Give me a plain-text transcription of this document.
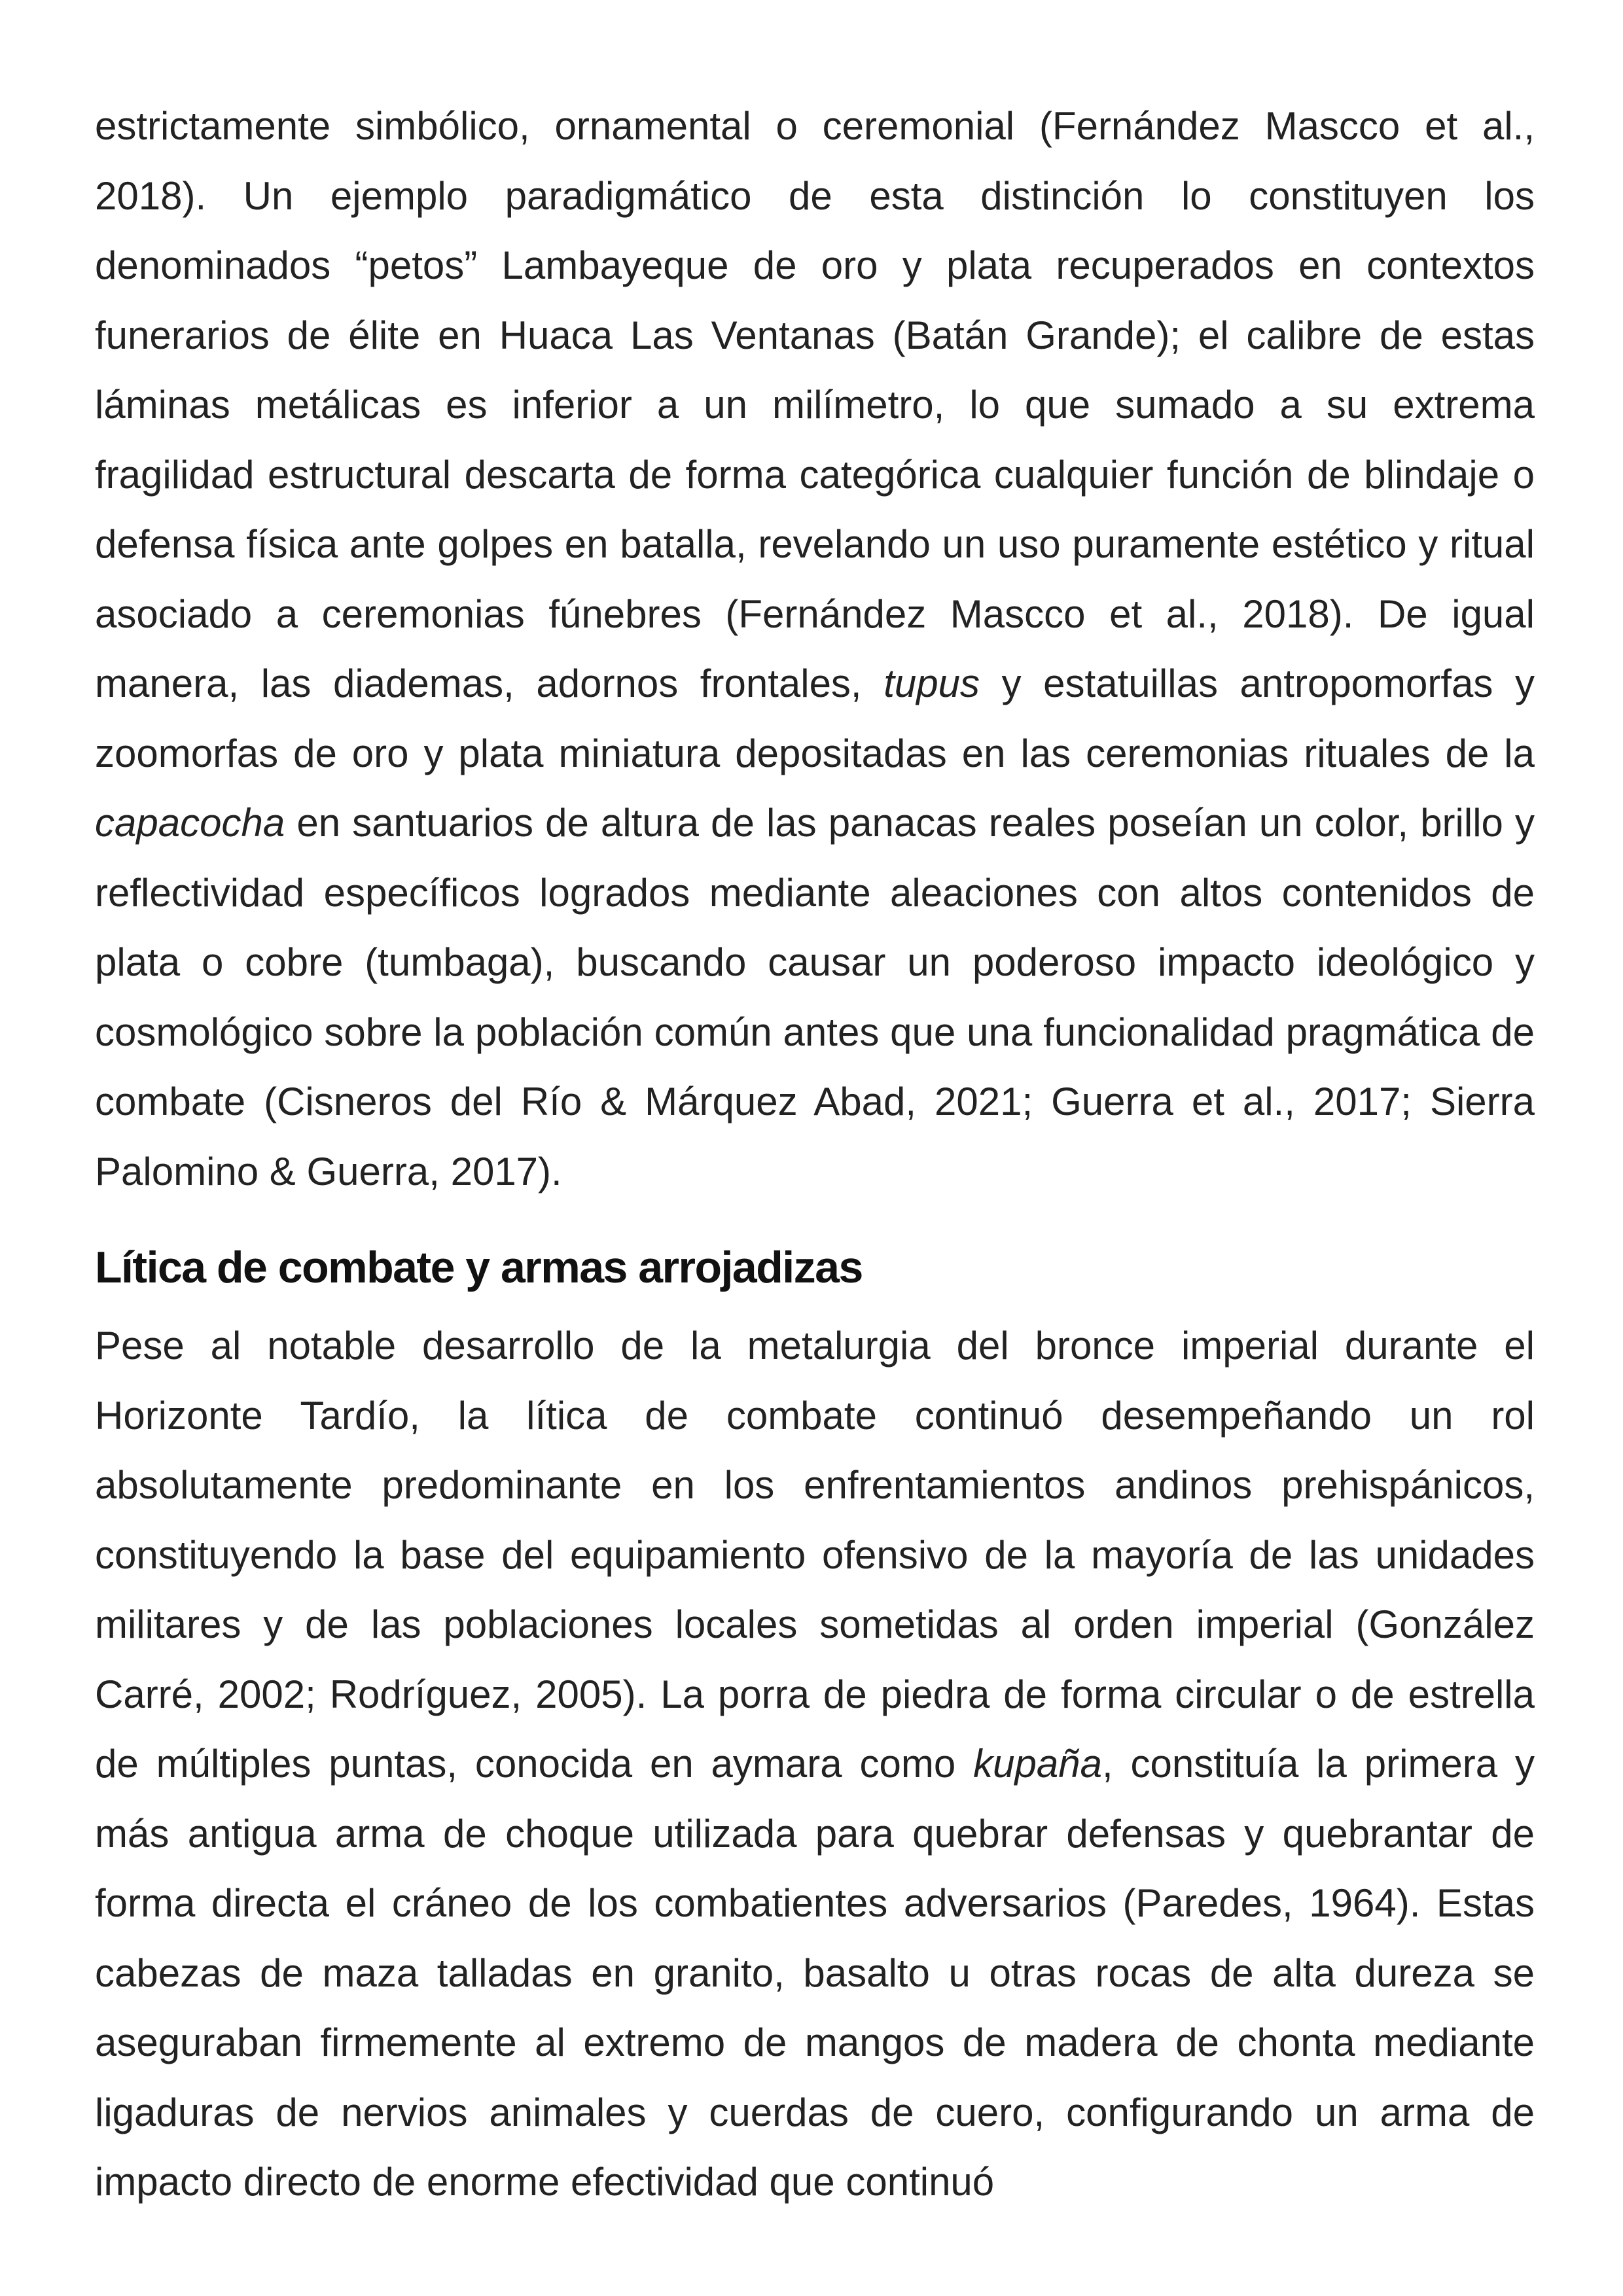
estrictamente simbólico, ornamental o ceremonial (Fernández Mascco et al., 2018). Un ejemplo paradigmático de esta distinción lo constituyen los denominados “petos” Lambayeque de oro y plata recuperados en contextos funerarios de élite en Huaca Las Ventanas (Batán Grande); el calibre de estas láminas metálicas es inferior a un milímetro, lo que sumado a su extrema fragilidad estructural descarta de forma categórica cualquier función de blindaje o defensa física ante golpes en batalla, revelando un uso puramente estético y ritual asociado a ceremonias fúnebres (Fernández Mascco et al., 2018). De igual manera, las diademas, adornos frontales, tupus y estatuillas antropomorfas y zoomorfas de oro y plata miniatura depositadas en las ceremonias rituales de la capacocha en santuarios de altura de las panacas reales poseían un color, brillo y reflectividad específicos logrados mediante aleaciones con altos contenidos de plata o cobre (tumbaga), buscando causar un poderoso impacto ideológico y cosmológico sobre la población común antes que una funcionalidad pragmática de combate (Cisneros del Río & Márquez Abad, 2021; Guerra et al., 2017; Sierra Palomino & Guerra, 2017).

Lítica de combate y armas arrojadizas

Pese al notable desarrollo de la metalurgia del bronce imperial durante el Horizonte Tardío, la lítica de combate continuó desempeñando un rol absolutamente predominante en los enfrentamientos andinos prehispánicos, constituyendo la base del equipamiento ofensivo de la mayoría de las unidades militares y de las poblaciones locales sometidas al orden imperial (González Carré, 2002; Rodríguez, 2005). La porra de piedra de forma circular o de estrella de múltiples puntas, conocida en aymara como kupaña, constituía la primera y más antigua arma de choque utilizada para quebrar defensas y quebrantar de forma directa el cráneo de los combatientes adversarios (Paredes, 1964). Estas cabezas de maza talladas en granito, basalto u otras rocas de alta dureza se aseguraban firmemente al extremo de mangos de madera de chonta mediante ligaduras de nervios animales y cuerdas de cuero, configurando un arma de impacto directo de enorme efectividad que continuó
